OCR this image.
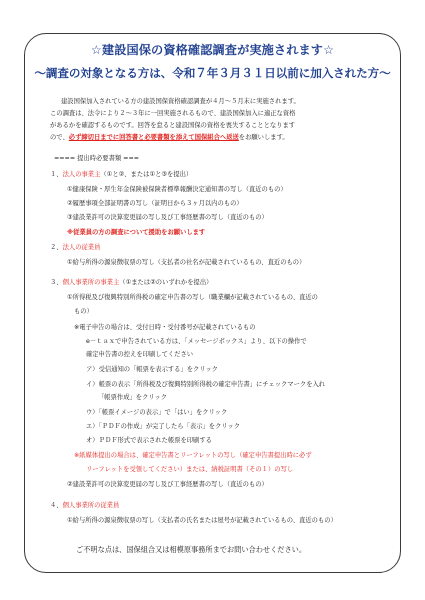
☆建設国保の資格確認調査が実施されます☆
～調査の対象となる方は、令和７年３月３１日以前に加入された方～
建設国保加入されている方の建設国保資格確認調査が４月～５月末に実施されます。
この調査は、法令により２～３年に一回実施されるもので、建設国保加入に適正な資格
があるかを確認するものです。回答を怠ると建設国保の資格を喪失することとなります
ので、必ず締切日までに回答書と必要書類を添えて国保組合へ返送をお願いします。
==== 提出時必要書類 ===
１、法人の事業主（①と②、または①と③を提出）
①健康保険・厚生年金保険被保険者標準報酬決定通知書の写し（直近のもの）
②履歴事項全部証明書の写し（証明日から３ヶ月以内のもの）
③建設業許可の決算変更届の写し及び工事経歴書の写し（直近のもの）
※従業員の方の調査について援助をお願いします
２、法人の従業員
①給与所得の源泉徴収票の写し（支払者の社名が記載されているもの、直近のもの）
３、個人事業所の事業主（①または②のいずれかを提出）
①所得税及び復興特別所得税の確定申告書の写し（職業欄が記載されているもの、直近の
もの）
※電子申告の場合は、受付日時・受付番号が記載されているもの
e－ｔａｘで申告されている方は、「メッセージボックス」より、以下の操作で
確定申告書の控えを印刷してください
ア）受信通知の「帳票を表示する」をクリック
イ）帳票の表示「所得税及び復興特別所得税の確定申告書」にチェックマークを入れ
「帳票作成」をクリック
ウ）「帳票イメージの表示」で「はい」をクリック
エ）「ＰＤＦの作成」が完了したら「表示」をクリック
オ）ＰＤＦ形式で表示された帳票を印刷する
※紙媒体提出の場合は、確定申告書とリーフレットの写し（確定申告書提出時に必ず
リーフレットを受領してください）または、納税証明書（その１）の写し
②建設業許可の決算変更届の写し及び工事経歴書の写し（直近のもの）
４、個人事業所の従業員
①給与所得の源泉徴収票の写し（支払者の氏名または屋号が記載されているもの、直近のもの）
ご不明な点は、国保組合又は相模原事務所までお問い合わせください。
